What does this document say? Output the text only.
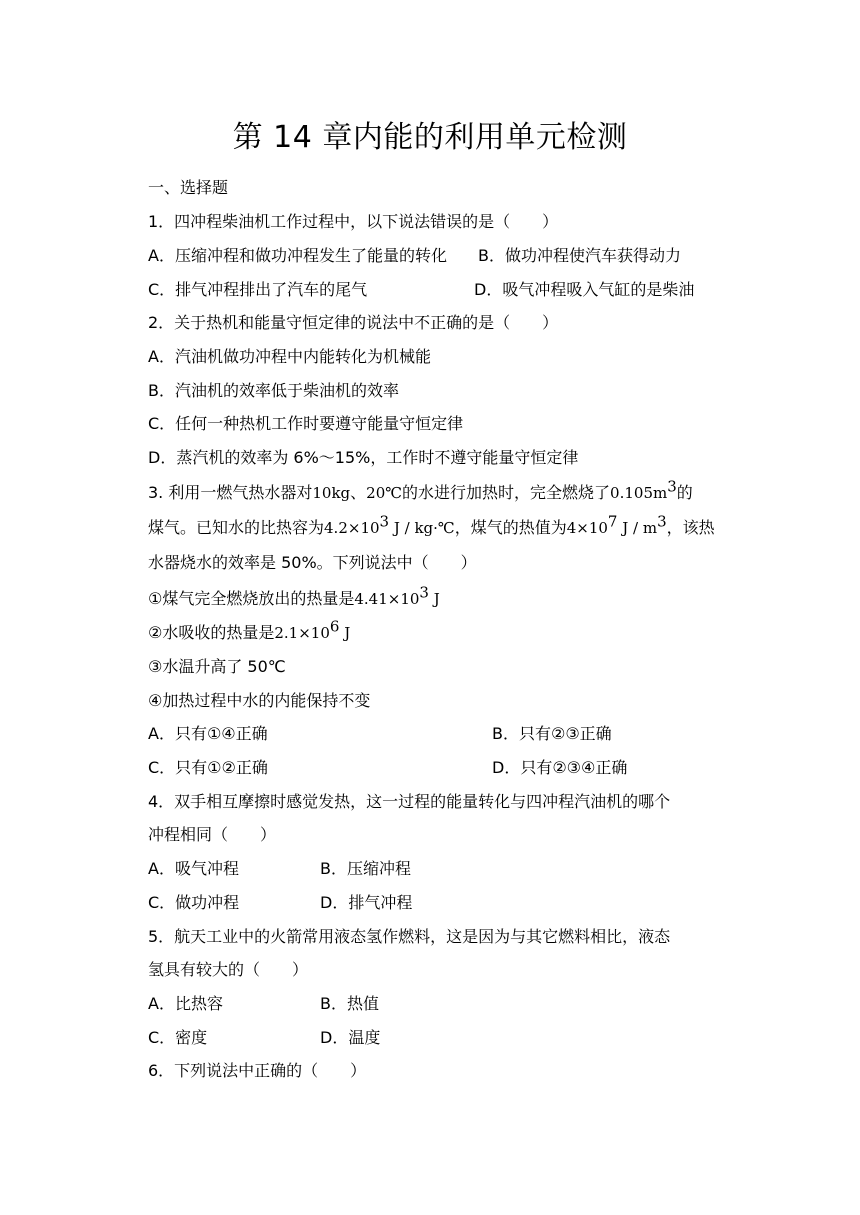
第 14 章内能的利用单元检测
一、选择题
1．四冲程柴油机工作过程中，以下说法错误的是（　　）
A．压缩冲程和做功冲程发生了能量的转化 B．做功冲程使汽车获得动力
C．排气冲程排出了汽车的尾气	D．吸气冲程吸入气缸的是柴油
2．关于热机和能量守恒定律的说法中不正确的是（　　）
A．汽油机做功冲程中内能转化为机械能
B．汽油机的效率低于柴油机的效率
C．任何一种热机工作时要遵守能量守恒定律
D．蒸汽机的效率为 6%～15%，工作时不遵守能量守恒定律
3. 利用一燃气热水器对10kg、20℃的水进行加热时，完全燃烧了$0.105m^3$的
煤气。已知水的比热容为$4.2\times 10^3$ J / kg·℃，煤气的热值为$4\times 10^7$ J / $m^3$，该热
水器烧水的效率是 50%。下列说法中（　　）
①煤气完全燃烧放出的热量是$4.41\times 10^3$ J
②水吸收的热量是$2.1\times 10^6$ J
③水温升高了 50℃
④加热过程中水的内能保持不变
A．只有①④正确	B．只有②③正确
C．只有①②正确	D．只有②③④正确
4．双手相互摩擦时感觉发热，这一过程的能量转化与四冲程汽油机的哪个
冲程相同（　　）
A．吸气冲程	B．压缩冲程
C．做功冲程	D．排气冲程
5．航天工业中的火箭常用液态氢作燃料，这是因为与其它燃料相比，液态
氢具有较大的（　　）
A．比热容	B．热值
C．密度	D．温度
6．下列说法中正确的（　　）
